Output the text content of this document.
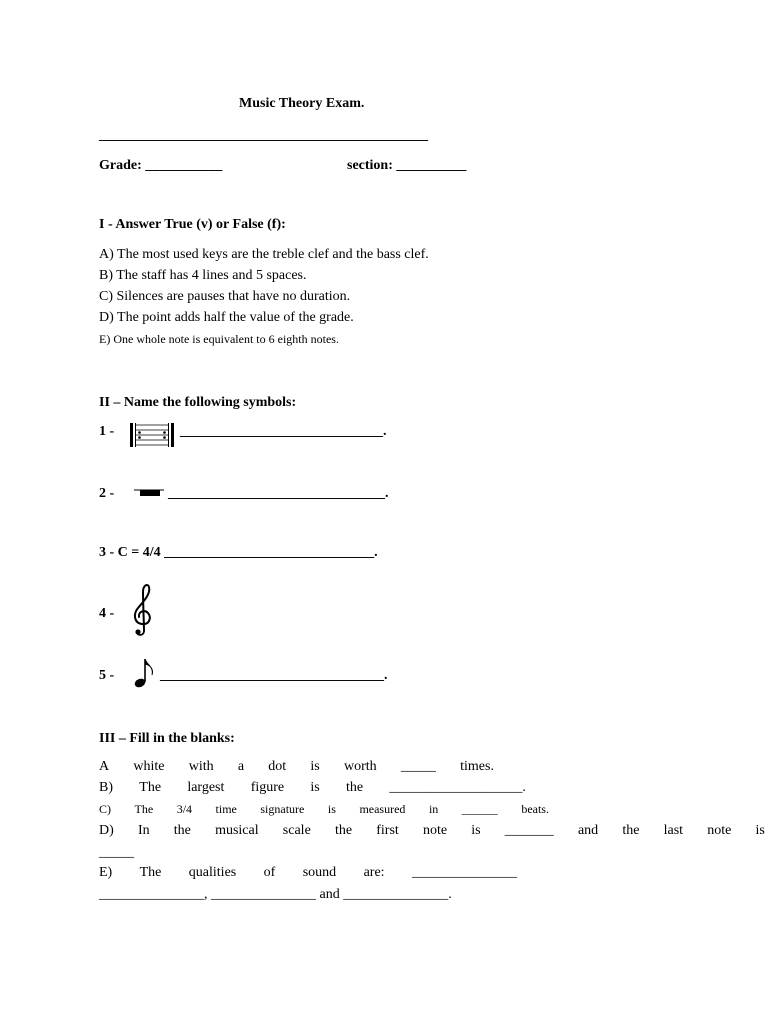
Music Theory Exam.
_______________________________________________
Grade: ___________	section: __________
I - Answer True (v) or False (f):
A) The most used keys are the treble clef and the bass clef.
B) The staff has 4 lines and 5 spaces.
C) Silences are pauses that have no duration.
D) The point adds half the value of the grade.
E) One whole note is equivalent to 6 eighth notes.
II – Name the following symbols:
1 -	_____________________________.
2 -	_______________________________.
3 - C = 4/4 ______________________________.
4 -
5 -	________________________________.
III – Fill in the blanks:
A white with a dot is worth _____ times.
B) The largest figure is the ___________________.
C) The 3/4 time signature is measured in ______ beats.
D) In the musical scale the first note is _______ and the last note is
_____
E) The qualities of sound are: _______________
_______________, _______________ and _______________.
